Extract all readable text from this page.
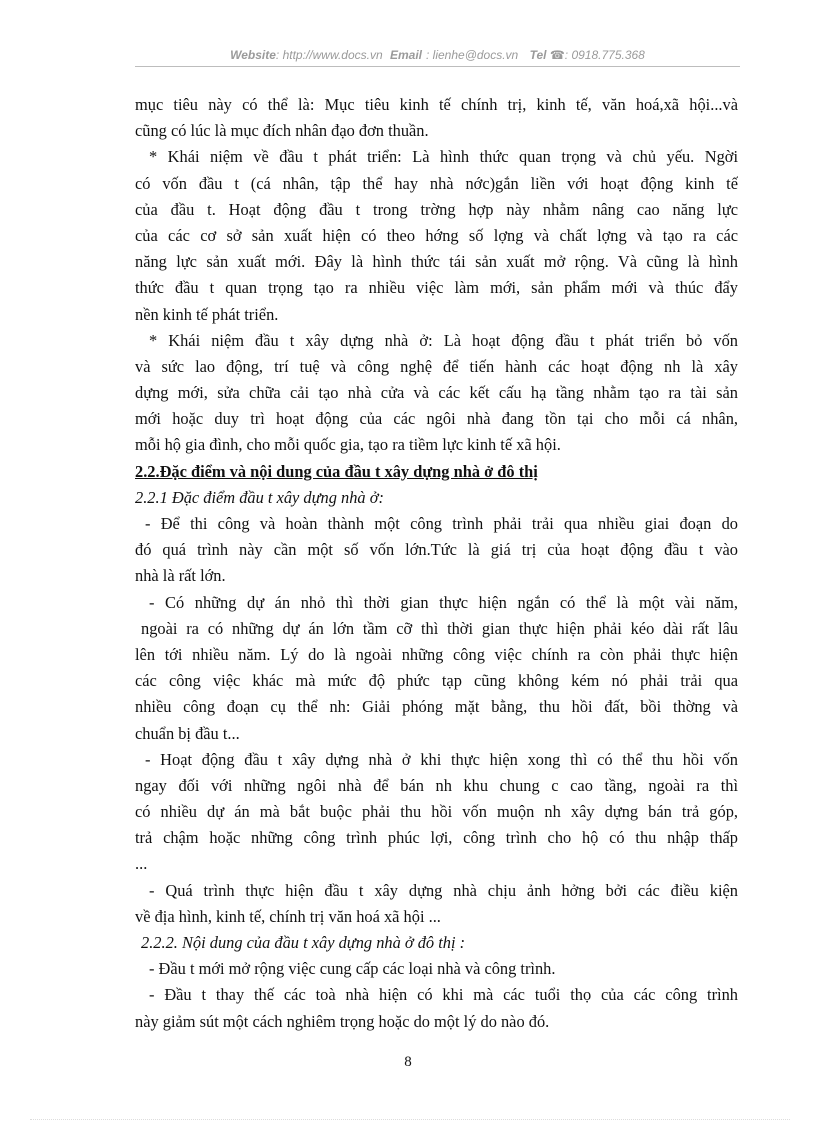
Website: http://www.docs.vn Email : lienhe@docs.vn Tel ☎: 0918.775.368
mục tiêu này có thể là: Mục tiêu kinh tế chính trị, kinh tế, văn hoá,xã hội...và
cũng có lúc là mục đích nhân đạo đơn thuần.
* Khái niệm về đầu t phát triển: Là hình thức quan trọng và chủ yếu. Ngời
có vốn đầu t (cá nhân, tập thể hay nhà nớc)gắn liền với hoạt động kinh tế
của đầu t. Hoạt động đầu t trong trờng hợp này nhằm nâng cao năng lực
của các cơ sở sản xuất hiện có theo hớng số lợng và chất lợng và tạo ra các
năng lực sản xuất mới. Đây là hình thức tái sản xuất mở rộng. Và cũng là hình
thức đầu t quan trọng tạo ra nhiều việc làm mới, sản phẩm mới và thúc đẩy
nền kinh tế phát triển.
* Khái niệm đầu t xây dựng nhà ở: Là hoạt động đầu t phát triển bỏ vốn
và sức lao động, trí tuệ và công nghệ để tiến hành các hoạt động nh là xây
dựng mới, sửa chữa cải tạo nhà cửa và các kết cấu hạ tầng nhằm tạo ra tài sản
mới hoặc duy trì hoạt động của các ngôi nhà đang tồn tại cho mỗi cá nhân,
mỗi hộ gia đình, cho mỗi quốc gia, tạo ra tiềm lực kinh tế xã hội.
2.2.Đặc điểm và nội dung của đầu t xây dựng nhà ở đô thị
2.2.1 Đặc điểm đầu t xây dựng nhà ở:
- Để thi công và hoàn thành một công trình phải trải qua nhiều giai đoạn do
đó quá trình này cần một số vốn lớn.Tức là giá trị của hoạt động đầu t vào
nhà là rất lớn.
- Có những dự án nhỏ thì thời gian thực hiện ngắn có thể là một vài năm,
ngoài ra có những dự án lớn tầm cỡ thì thời gian thực hiện phải kéo dài rất lâu
lên tới nhiều năm. Lý do là ngoài những công việc chính ra còn phải thực hiện
các công việc khác mà mức độ phức tạp cũng không kém nó phải trải qua
nhiều công đoạn cụ thể nh: Giải phóng mặt bằng, thu hồi đất, bồi thờng và
chuẩn bị đầu t...
- Hoạt động đầu t xây dựng nhà ở khi thực hiện xong thì có thể thu hồi vốn
ngay đối với những ngôi nhà để bán nh khu chung c cao tầng, ngoài ra thì
có nhiều dự án mà bắt buộc phải thu hồi vốn muộn nh xây dựng bán trả góp,
trả chậm hoặc những công trình phúc lợi, công trình cho hộ có thu nhập thấp
...
- Quá trình thực hiện đầu t xây dựng nhà chịu ảnh hởng bởi các điều kiện
về địa hình, kinh tế, chính trị văn hoá xã hội ...
2.2.2. Nội dung của đầu t xây dựng nhà ở đô thị :
- Đầu t mới mở rộng việc cung cấp các loại nhà và công trình.
- Đầu t thay thế các toà nhà hiện có khi mà các tuổi thọ của các công trình
này giảm sút một cách nghiêm trọng hoặc do một lý do nào đó.
8
